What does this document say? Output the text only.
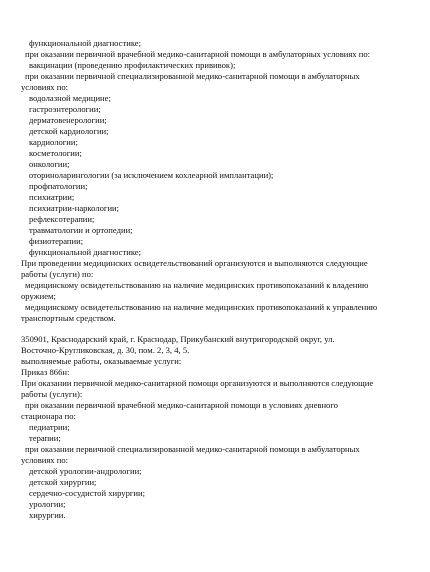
функциональной диагностике;
при оказании первичной врачебной медико-санитарной помощи в амбулаторных условиях по:
вакцинации (проведению профилактических прививок);
при оказании первичной специализированной медико-санитарной помощи в амбулаторных
условиях по:
водолазной медицине;
гастроэнтерологии;
дерматовенерологии;
детской кардиологии;
кардиологии;
косметологии;
онкологии;
оториноларингологии (за исключением кохлеарной имплантации);
профпатологии;
психиатрии;
психиатрии-наркологии;
рефлексотерапии;
травматологии и ортопедии;
физиотерапии;
функциональной диагностике;
При проведении медицинских освидетельствований организуются и выполняются следующие
работы (услуги) по:
медицинскому освидетельствованию на наличие медицинских противопоказаний к владению
оружием;
медицинскому освидетельствованию на наличие медицинских противопоказаний к управлению
транспортным средством.
350901, Краснодарский край, г. Краснодар, Прикубанский внутригородской округ, ул.
Восточно-Кругликовская, д. 30, пом. 2, 3, 4, 5.
выполняемые работы, оказываемые услуги:
Приказ 866н:
При оказании первичной медико-санитарной помощи организуются и выполняются следующие
работы (услуги):
при оказании первичной врачебной медико-санитарной помощи в условиях дневного
стационара по:
педиатрии;
терапии;
при оказании первичной специализированной медико-санитарной помощи в амбулаторных
условиях по:
детской урологии-андрологии;
детской хирургии;
сердечно-сосудистой хирургии;
урологии;
хирургии.
